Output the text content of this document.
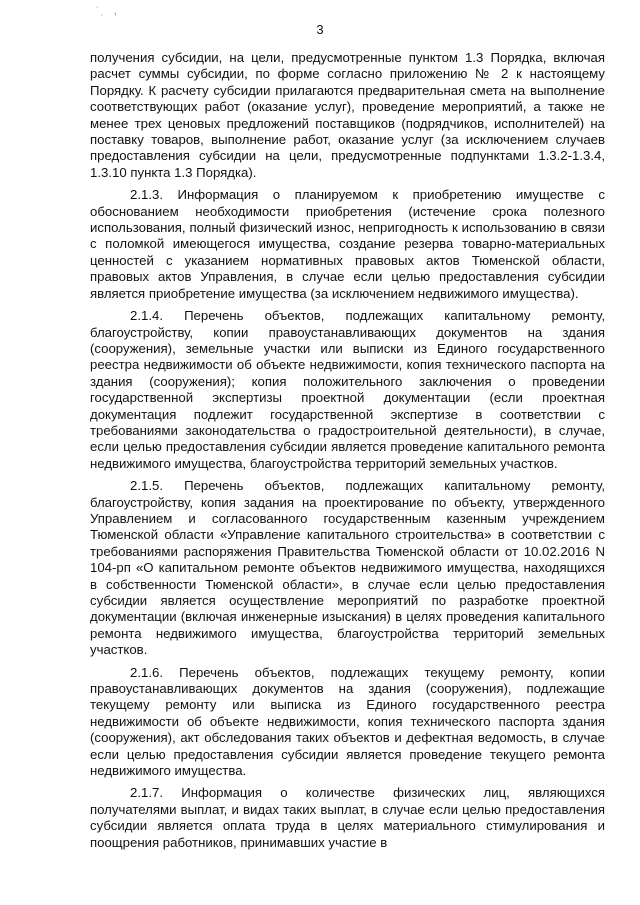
˙ ̣ ,
3

получения субсидии, на цели, предусмотренные пунктом 1.3 Порядка, включая расчет суммы субсидии, по форме согласно приложению № 2 к настоящему Порядку. К расчету субсидии прилагаются предварительная смета на выполнение соответствующих работ (оказание услуг), проведение мероприятий, а также не менее трех ценовых предложений поставщиков (подрядчиков, исполнителей) на поставку товаров, выполнение работ, оказание услуг (за исключением случаев предоставления субсидии на цели, предусмотренные подпунктами 1.3.2-1.3.4, 1.3.10 пункта 1.3 Порядка).

2.1.3. Информация о планируемом к приобретению имуществе с обоснованием необходимости приобретения (истечение срока полезного использования, полный физический износ, непригодность к использованию в связи с поломкой имеющегося имущества, создание резерва товарно-материальных ценностей с указанием нормативных правовых актов Тюменской области, правовых актов Управления, в случае если целью предоставления субсидии является приобретение имущества (за исключением недвижимого имущества).

2.1.4. Перечень объектов, подлежащих капитальному ремонту, благоустройству, копии правоустанавливающих документов на здания (сооружения), земельные участки или выписки из Единого государственного реестра недвижимости об объекте недвижимости, копия технического паспорта на здания (сооружения); копия положительного заключения о проведении государственной экспертизы проектной документации (если проектная документация подлежит государственной экспертизе в соответствии с требованиями законодательства о градостроительной деятельности), в случае, если целью предоставления субсидии является проведение капитального ремонта недвижимого имущества, благоустройства территорий земельных участков.

2.1.5. Перечень объектов, подлежащих капитальному ремонту, благоустройству, копия задания на проектирование по объекту, утвержденного Управлением и согласованного государственным казенным учреждением Тюменской области «Управление капитального строительства» в соответствии с требованиями распоряжения Правительства Тюменской области от 10.02.2016 N 104-рп «О капитальном ремонте объектов недвижимого имущества, находящихся в собственности Тюменской области», в случае если целью предоставления субсидии является осуществление мероприятий по разработке проектной документации (включая инженерные изыскания) в целях проведения капитального ремонта недвижимого имущества, благоустройства территорий земельных участков.

2.1.6. Перечень объектов, подлежащих текущему ремонту, копии правоустанавливающих документов на здания (сооружения), подлежащие текущему ремонту или выписка из Единого государственного реестра недвижимости об объекте недвижимости, копия технического паспорта здания (сооружения), акт обследования таких объектов и дефектная ведомость, в случае если целью предоставления субсидии является проведение текущего ремонта недвижимого имущества.

2.1.7. Информация о количестве физических лиц, являющихся получателями выплат, и видах таких выплат, в случае если целью предоставления субсидии является оплата труда в целях материального стимулирования и поощрения работников, принимавших участие в
